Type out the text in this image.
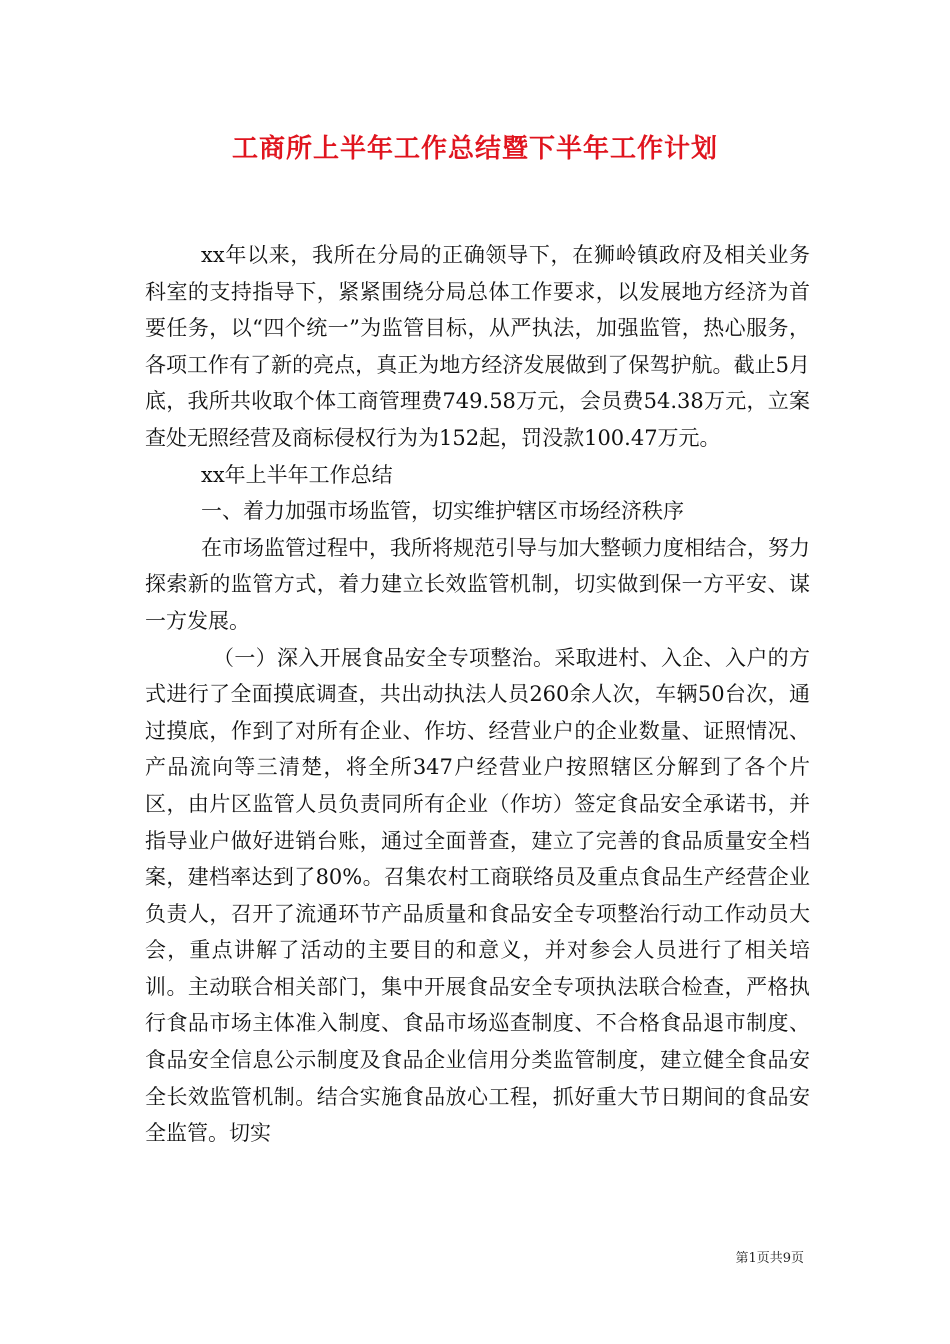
工商所上半年工作总结暨下半年工作计划

xx年以来，我所在分局的正确领导下，在狮岭镇政府及相关业务科室的支持指导下，紧紧围绕分局总体工作要求，以发展地方经济为首要任务，以“四个统一”为监管目标，从严执法，加强监管，热心服务，各项工作有了新的亮点，真正为地方经济发展做到了保驾护航。截止5月底，我所共收取个体工商管理费749.58万元，会员费54.38万元，立案查处无照经营及商标侵权行为为152起，罚没款100.47万元。

xx年上半年工作总结

一、着力加强市场监管，切实维护辖区市场经济秩序

在市场监管过程中，我所将规范引导与加大整顿力度相结合，努力探索新的监管方式，着力建立长效监管机制，切实做到保一方平安、谋一方发展。

（一）深入开展食品安全专项整治。采取进村、入企、入户的方式进行了全面摸底调查，共出动执法人员260余人次，车辆50台次，通过摸底，作到了对所有企业、作坊、经营业户的企业数量、证照情况、产品流向等三清楚，将全所347户经营业户按照辖区分解到了各个片区，由片区监管人员负责同所有企业（作坊）签定食品安全承诺书，并指导业户做好进销台账，通过全面普查，建立了完善的食品质量安全档案，建档率达到了80%。召集农村工商联络员及重点食品生产经营企业负责人，召开了流通环节产品质量和食品安全专项整治行动工作动员大会，重点讲解了活动的主要目的和意义，并对参会人员进行了相关培训。主动联合相关部门，集中开展食品安全专项执法联合检查，严格执行食品市场主体准入制度、食品市场巡查制度、不合格食品退市制度、食品安全信息公示制度及食品企业信用分类监管制度，建立健全食品安全长效监管机制。结合实施食品放心工程，抓好重大节日期间的食品安全监管。切实

第1页共9页
